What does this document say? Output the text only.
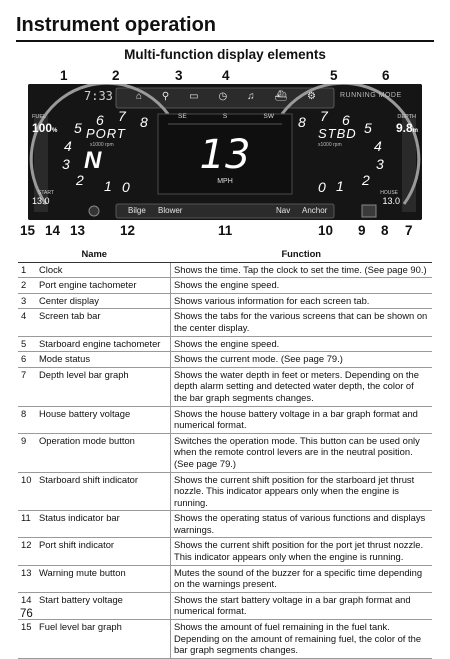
Instrument operation
Multi-function display elements
1	2	3	4	5	6
7:33	RUNNING MODE
FUEL
100%
DEPTH
9.8m
⌂ ⚲ ▭ ◷ ♫ ⛴ ⚙
SE	S	SW
13
MPH
PORT
x1000 rpm
N
0
1
2
3
4
5 6 7 8
STBD
x1000 rpm
0 1 2
3
4
5
6
7
8
START
13.0
HOUSE
13.0
Bilge Blower	Nav Anchor
15 14 13	12	11	10 9 8 7
Name		Function
1	Clock	Shows the time. Tap the clock to set the time. (See page 90.)
2	Port engine tachometer	Shows the engine speed.
3	Center display	Shows various information for each screen tab.
4	Screen tab bar	Shows the tabs for the various screens that can be shown on the center display.
5	Starboard engine tachometer	Shows the engine speed.
6	Mode status	Shows the current mode. (See page 79.)
7	Depth level bar graph	Shows the water depth in feet or meters. Depending on the depth alarm setting and detected water depth, the color of the bar graph segments changes.
8	House battery voltage	Shows the house battery voltage in a bar graph format and numerical format.
9	Operation mode button	Switches the operation mode. This button can be used only when the remote control levers are in the neutral position. (See page 79.)
10	Starboard shift indicator	Shows the current shift position for the starboard jet thrust nozzle. This indicator appears only when the engine is running.
11	Status indicator bar	Shows the operating status of various functions and displays warnings.
12	Port shift indicator	Shows the current shift position for the port jet thrust nozzle. This indicator appears only when the engine is running.
13	Warning mute button	Mutes the sound of the buzzer for a specific time depending on the warnings present.
14	Start battery voltage	Shows the start battery voltage in a bar graph format and numerical format.
15	Fuel level bar graph	Shows the amount of fuel remaining in the fuel tank. Depending on the amount of remaining fuel, the color of the bar graph segments changes.
76
